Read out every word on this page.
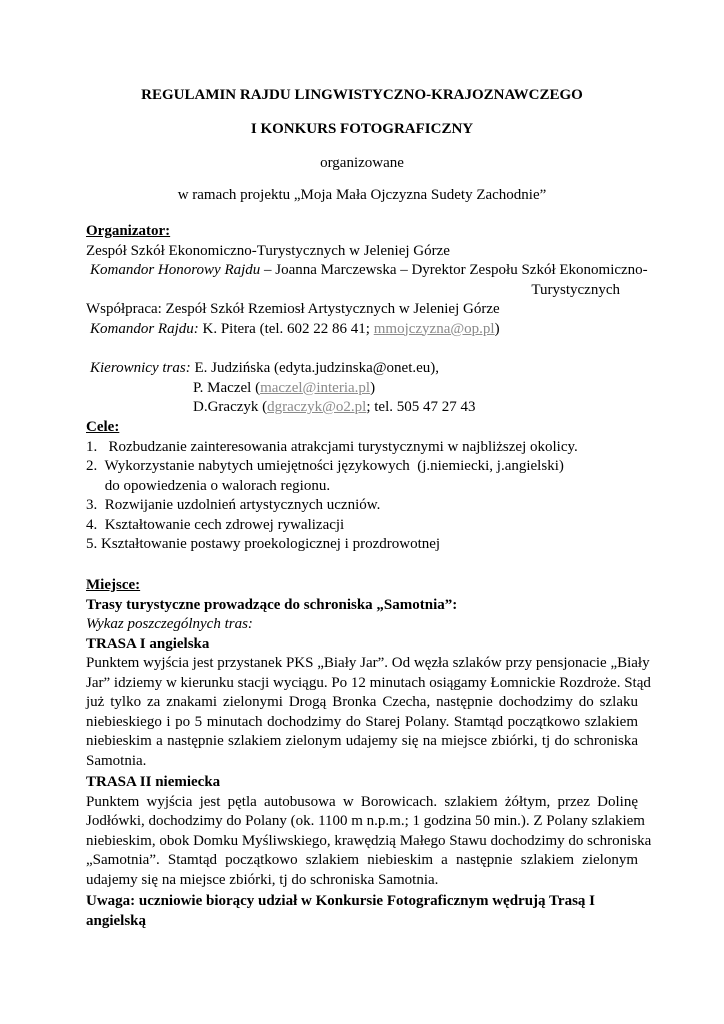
REGULAMIN RAJDU LINGWISTYCZNO-KRAJOZNAWCZEGO
I KONKURS FOTOGRAFICZNY
organizowane
w ramach projektu „Moja Mała Ojczyzna Sudety Zachodnie”
Organizator:
Zespół Szkół Ekonomiczno-Turystycznych w Jeleniej Górze
Komandor Honorowy Rajdu – Joanna Marczewska – Dyrektor Zespołu Szkół Ekonomiczno-
Turystycznych
Współpraca: Zespół Szkół Rzemiosł Artystycznych w Jeleniej Górze
Komandor Rajdu: K. Pitera (tel. 602 22 86 41; mmojczyzna@op.pl)
Kierownicy tras: E. Judzińska (edyta.judzinska@onet.eu),
P. Maczel (maczel@interia.pl)
D.Graczyk (dgraczyk@o2.pl; tel. 505 47 27 43
Cele:
1.   Rozbudzanie zainteresowania atrakcjami turystycznymi w najbliższej okolicy.
2.  Wykorzystanie nabytych umiejętności językowych  (j.niemiecki, j.angielski)
do opowiedzenia o walorach regionu.
3.  Rozwijanie uzdolnień artystycznych uczniów.
4.  Kształtowanie cech zdrowej rywalizacji
5. Kształtowanie postawy proekologicznej i prozdrowotnej
Miejsce:
Trasy turystyczne prowadzące do schroniska „Samotnia”:
Wykaz poszczególnych tras:
TRASA I angielska
Punktem wyjścia jest przystanek PKS „Biały Jar”. Od węzła szlaków przy pensjonacie „Biały
Jar” idziemy w kierunku stacji wyciągu. Po 12 minutach osiągamy Łomnickie Rozdroże. Stąd
już tylko za znakami zielonymi Drogą Bronka Czecha, następnie dochodzimy do szlaku
niebieskiego i po 5 minutach dochodzimy do Starej Polany. Stamtąd początkowo szlakiem
niebieskim a następnie szlakiem zielonym udajemy się na miejsce zbiórki, tj do schroniska
Samotnia.
TRASA II niemiecka
Punktem wyjścia jest pętla autobusowa w Borowicach. szlakiem żółtym, przez Dolinę
Jodłówki, dochodzimy do Polany (ok. 1100 m n.p.m.; 1 godzina 50 min.). Z Polany szlakiem
niebieskim, obok Domku Myśliwskiego, krawędzią Małego Stawu dochodzimy do schroniska
„Samotnia”. Stamtąd początkowo szlakiem niebieskim a następnie szlakiem zielonym
udajemy się na miejsce zbiórki, tj do schroniska Samotnia.
Uwaga: uczniowie biorący udział w Konkursie Fotograficznym wędrują Trasą I
angielską
